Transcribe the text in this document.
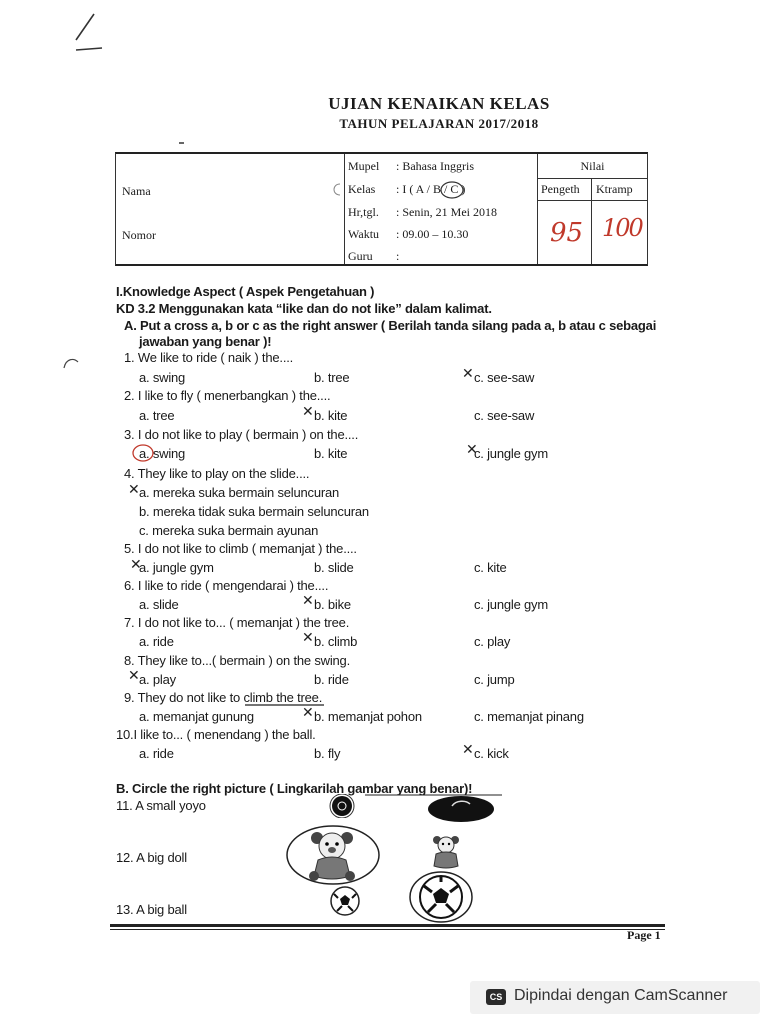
UJIAN KENAIKAN KELAS
TAHUN PELAJARAN 2017/2018
Nama
Nomor
Mupel : Bahasa Inggris
Kelas : I ( A / B / C )
Hr,tgl. : Senin, 21 Mei 2018
Waktu : 09.00 – 10.30
Guru :
Nilai
Pengeth Ktramp
95 100
I.Knowledge Aspect ( Aspek Pengetahuan )
KD 3.2 Menggunakan kata “like dan do not like” dalam kalimat.
A. Put a cross a, b or c as the right answer ( Berilah tanda silang pada a, b atau c sebagai
jawaban yang benar )!
1. We like to ride ( naik ) the....
a. swing	b. tree	c. see-saw
✕
2. I like to fly ( menerbangkan ) the....
a. tree	b. kite	c. see-saw
✕
3. I do not like to play ( bermain ) on the....
a. swing	b. kite	c. jungle gym
✕
4. They like to play on the slide....
a. mereka suka bermain seluncuran
b. mereka tidak suka bermain seluncuran
c. mereka suka bermain ayunan
✕
5. I do not like to climb ( memanjat ) the....
a. jungle gym	b. slide	c. kite
✕
6. I like to ride ( mengendarai ) the....
a. slide	b. bike	c. jungle gym
✕
7. I do not like to... ( memanjat ) the tree.
a. ride	b. climb	c. play
✕
8. They like to...( bermain ) on the swing.
a. play	b. ride	c. jump
✕
9. They do not like to climb the tree.
a. memanjat gunung	b. memanjat pohon	c. memanjat pinang
✕
10.I like to... ( menendang ) the ball.
a. ride	b. fly	c. kick
✕
B. Circle the right picture ( Lingkarilah gambar yang benar)!
11. A small yoyo
12. A big doll
13. A big ball
Page 1
CS Dipindai dengan CamScanner
